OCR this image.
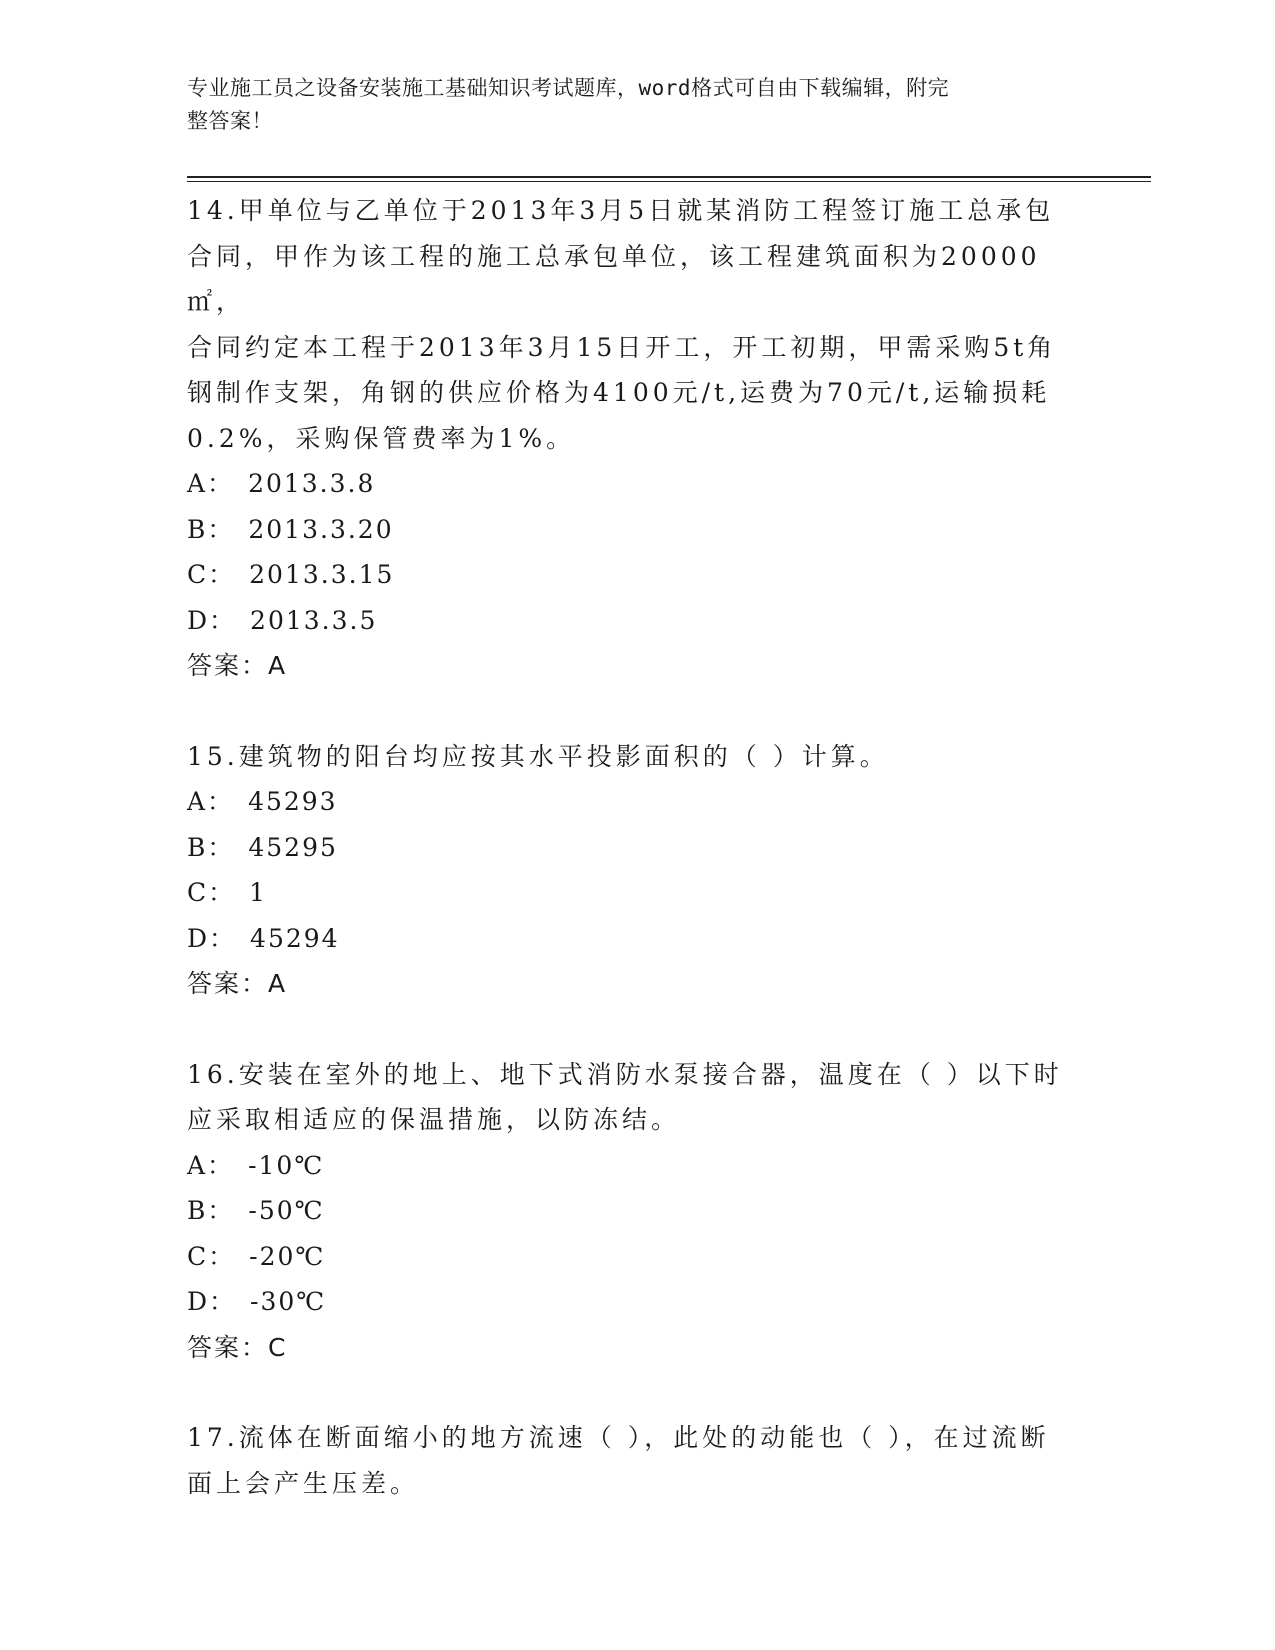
专业施工员之设备安装施工基础知识考试题库，word格式可自由下载编辑，附完
整答案！

14.甲单位与乙单位于2013年3月5日就某消防工程签订施工总承包

合同，甲作为该工程的施工总承包单位，该工程建筑面积为20000㎡，

合同约定本工程于2013年3月15日开工，开工初期，甲需采购5t角

钢制作支架，角钢的供应价格为4100元/t,运费为70元/t,运输损耗

0.2%，采购保管费率为1%。

A： 2013.3.8

B： 2013.3.20

C： 2013.3.15

D： 2013.3.5

答案：A

15.建筑物的阳台均应按其水平投影面积的（ ）计算。

A： 45293

B： 45295

C： 1

D： 45294

答案：A

16.安装在室外的地上、地下式消防水泵接合器，温度在（ ）以下时

应采取相适应的保温措施，以防冻结。

A： -10℃

B： -50℃

C： -20℃

D： -30℃

答案：C

17.流体在断面缩小的地方流速（ ），此处的动能也（ ），在过流断

面上会产生压差。
